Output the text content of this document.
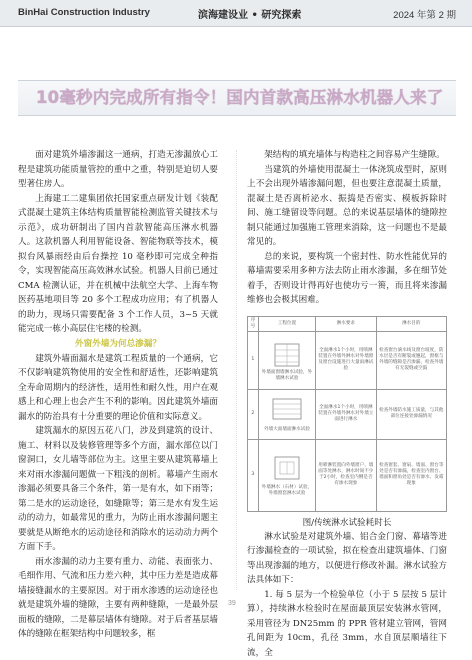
BinHai Construction Industry	滨海建设业 • 研究探索	2024 年第 2 期
10毫秒内完成所有指令！国内首款高压淋水机器人来了

面对建筑外墙渗漏这一通病，打造无渗漏放心工程是建筑功能质量管控的重中之重，特别是迫切人要型著住房人。

上海建工二建集团依托国家重点研发计划《装配式混凝土建筑主体结构质量智能检测监管关键技术与示范》，成功研制出了国内首款智能高压淋水机器人。这款机器人利用智能设备、智能物联等技术，模拟台风暴雨经由后台操控 10 毫秒即可完成全种指令，实现智能高压高效淋水试验。机器人目前已通过 CMA 检测认证，并在机械中法航空大学、上海车物医药基地项目等 20 多个工程成功应用；有了机器人的助力，现场只需要配备 3 个工作人员，3~5 天就能完成一栋小高层住宅楼的检测。

外窗外墙为何总渗漏？

建筑外墙面漏水是建筑工程质量的一个通病，它不仅影响建筑物使用的安全性和舒适性，还影响建筑全寿命周期内的经济性，适用性和耐久性，用户在观感上和心理上也会产生不利的影响。因此建筑外墙面漏水的防治具有十分重要的理论价值和实际意义。

建筑漏水的原因五花八门，涉及到建筑的设计、施工、材料以及装修管理等多个方面，漏水部位以门窗洞口，女儿墙等部位为主。这里主要从建筑幕墙上来对雨水渗漏问题做一下粗浅的剖析。幕墙产生雨水渗漏必须要具备三个条件，第一是有水，如下雨等；第二是水的运动途径，如缝隙等；第三是水有发生运动的动力，如最常见的重力，为防止雨水渗漏问题主要就是从断绝水的运动途径和消除水的运动动力两个方面下手。

雨水渗漏的动力主要有重力、动能、表面张力、毛细作用、气流和压力差六种，其中压力差是造成幕墙接缝漏水的主要原因。对于雨水渗透的运动途径也就是建筑外墙的缝隙，主要有两种缝隙，一是最外层面板的缝隙，二是幕层墙体有缝隙。对于后者基层墙体的缝隙在框架结构中问题较多，框

架结构的填充墙体与构造柱之间容易产生缝隙。

当建筑的外墙使用混凝土一体浇筑成型时，原则上不会出现外墙渗漏问题，但也要注意混凝土质量，混凝土是否离析泌水、振捣是否密实、模板拆除时间、施工缝留设等问题。总的来说基层墙体的缝隙控制只能通过加强施工管理来消除，这一问题也不是最常见的。

总的来说，要构筑一个密封性、防水性能优异的幕墙需要采用多种方法去防止雨水渗漏，多在细节处着手，否则设计得再好也使功亏一篑，而且将来渗漏维修也会极其困难。

序号	工程位置	淋水要求	淋水目的
1	外墙面窗墙淋水试验，外墙淋水试验	全面淋水1个小时，用喷淋装置在外墙外淋水对外墙窗及窗台设施进行大量雨淋试验	检查窗台滴水线及窗台坡度，防水层是否有断裂或翘起，窗框与外墙的缝隙是否渗漏，检查外墙有无裂缝或空鼓
2	外墙大面墙面淋水试验	全面淋水1个小时，用喷淋装置在外墙外淋水对外墙立面进行淋水	检查外墙防水施工质量，与其他部位连接处渗漏情况
3	外墙淋水（石材）试验，外墙窗套淋水试验	用喷淋装置向外墙窗户、墙面等处淋水，淋水时间不少于2小时，检查室内侧是否有渗水现象	检查窗套、窗扇、墙面、窗台等处是否有渗漏，检查室内窗台、墙面和窗角处是否有渗水、发霉现象
图/传统淋水试验耗时长

淋水试验是对建筑外墙、铝合金门窗、幕墙等进行渗漏检查的一项试验，拟在检查出建筑墙体、门窗等出现渗漏的地方，以便进行修改补漏。淋水试验方法具体如下：

1. 每 5 层为一个检验单位（小于 5 层按 5 层计算），持续淋水检验时在屋面最顶层安装淋水管网，采用管径为 DN25mm 的 PPR 管材建立管网，管网孔间距为 10cm，孔径 3mm，水自顶层顺墙往下流，全

39
